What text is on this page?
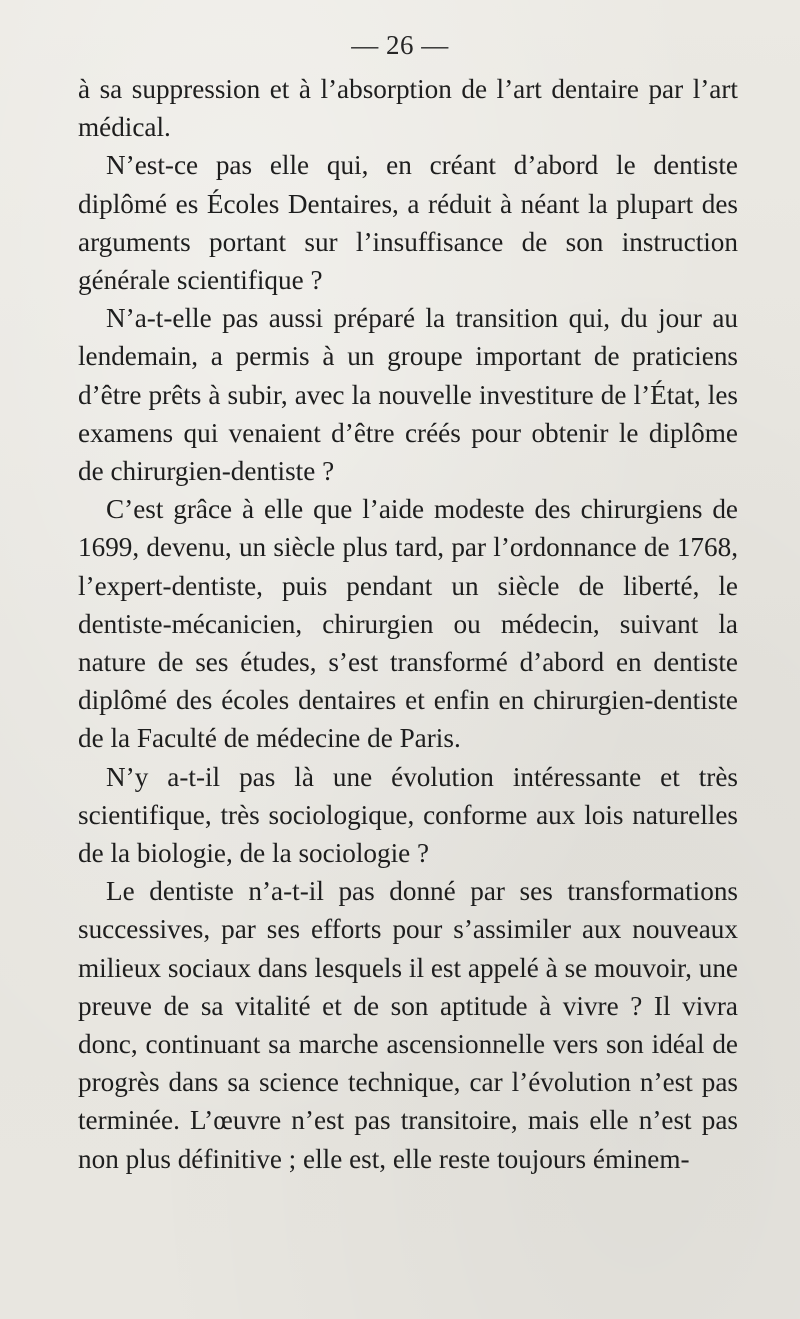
— 26 —

à sa suppression et à l’absorption de l’art dentaire par l’art médical.

N’est-ce pas elle qui, en créant d’abord le dentiste diplômé es Écoles Dentaires, a réduit à néant la plupart des arguments portant sur l’insuffisance de son instruction générale scientifique ?

N’a-t-elle pas aussi préparé la transition qui, du jour au lendemain, a permis à un groupe important de praticiens d’être prêts à subir, avec la nouvelle investiture de l’État, les examens qui venaient d’être créés pour obtenir le diplôme de chirurgien-dentiste ?

C’est grâce à elle que l’aide modeste des chirurgiens de 1699, devenu, un siècle plus tard, par l’ordonnance de 1768, l’expert-dentiste, puis pendant un siècle de liberté, le dentiste-mécanicien, chirurgien ou médecin, suivant la nature de ses études, s’est transformé d’abord en dentiste diplômé des écoles dentaires et enfin en chirurgien-dentiste de la Faculté de médecine de Paris.

N’y a-t-il pas là une évolution intéressante et très scientifique, très sociologique, conforme aux lois naturelles de la biologie, de la sociologie ?

Le dentiste n’a-t-il pas donné par ses transformations successives, par ses efforts pour s’assimiler aux nouveaux milieux sociaux dans lesquels il est appelé à se mouvoir, une preuve de sa vitalité et de son aptitude à vivre ? Il vivra donc, continuant sa marche ascensionnelle vers son idéal de progrès dans sa science technique, car l’évolution n’est pas terminée. L’œuvre n’est pas transitoire, mais elle n’est pas non plus définitive ; elle est, elle reste toujours éminem-
